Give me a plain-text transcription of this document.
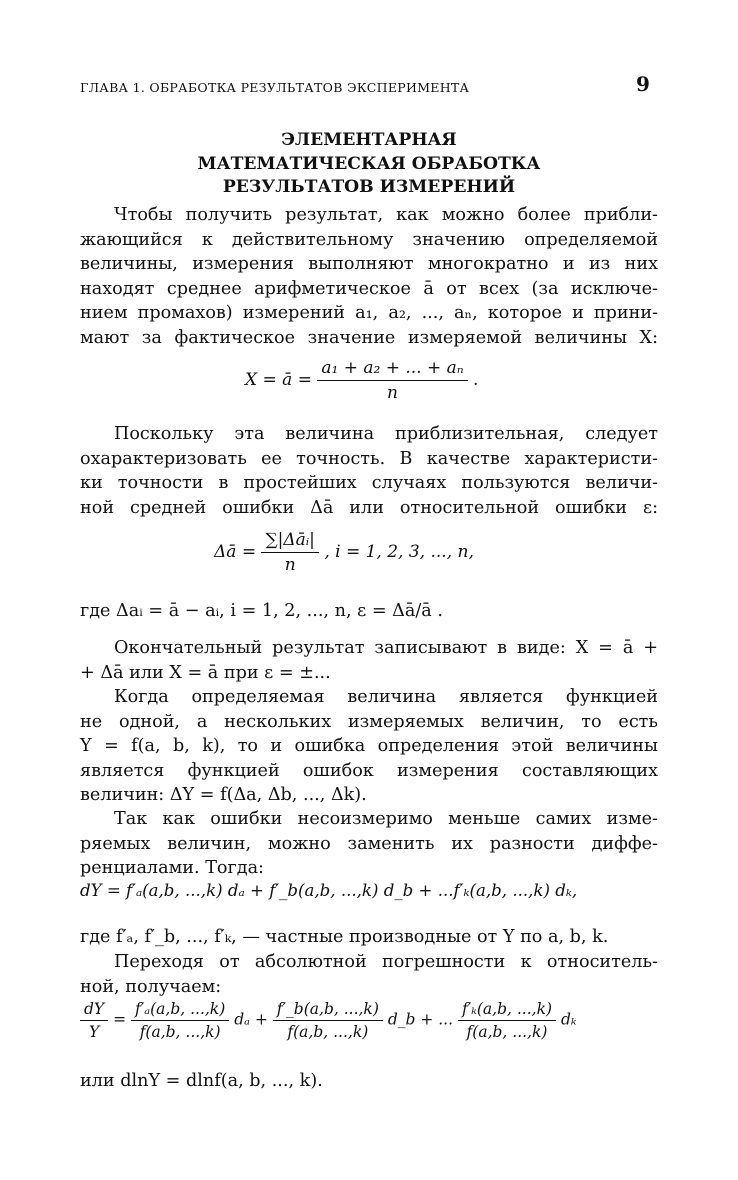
ГЛАВА 1. ОБРАБОТКА РЕЗУЛЬТАТОВ ЭКСПЕРИМЕНТА	9
ЭЛЕМЕНТАРНАЯ
МАТЕМАТИЧЕСКАЯ ОБРАБОТКА
РЕЗУЛЬТАТОВ ИЗМЕРЕНИЙ
Чтобы получить результат, как можно более прибли-
жающийся к действительному значению определяемой
величины, измерения выполняют многократно и из них
находят среднее арифметическое ā от всех (за исключе-
нием промахов) измерений a₁, a₂, ..., aₙ, которое и прини-
мают за фактическое значение измеряемой величины X:
X = ā = $\frac{\text{a₁ + a₂ + ... + aₙ}}{n}$ .
Поскольку эта величина приблизительная, следует
охарактеризовать ее точность. В качестве характеристи-
ки точности в простейших случаях пользуются величи-
ной средней ошибки Δā или относительной ошибки ε:
Δā = $\frac{\text{∑|Δāᵢ|}}{n}$ , i = 1, 2, 3, ..., n,
где Δaᵢ = ā − aᵢ, i = 1, 2, ..., n, ε = Δā/ā .
Окончательный результат записывают в виде: X = ā +
+ Δā или X = ā при ε = ±...
Когда определяемая величина является функцией
не одной, а нескольких измеряемых величин, то есть
Y = f(a, b, k), то и ошибка определения этой величины
является функцией ошибок измерения составляющих
величин: ΔY = f(Δa, Δb, ..., Δk).
Так как ошибки несоизмеримо меньше самих изме-
ряемых величин, можно заменить их разности диффе-
ренциалами. Тогда:
dY = f′ₐ(a,b, ...,k) dₐ + f′_b(a,b, ...,k) d_b + ...f′ₖ(a,b, ...,k) dₖ,
где f′ₐ, f′_b, ..., f′ₖ, — частные производные от Y по a, b, k.
Переходя от абсолютной погрешности к относитель-
ной, получаем:
$\frac{dY}{Y} = \frac{\text{f′ₐ(a,b, ...,k)}}{f(a,b, ...,k)}$ $d_a + \frac{f'\_b(a,b, ...,k)}{f(a,b, ...,k)}$ d_b + ... $\frac{\text{f′ₖ(a,b, ...,k)}}{f(a,b, ...,k)}$ dₖ
или dlnY = dlnf(a, b, ..., k).
